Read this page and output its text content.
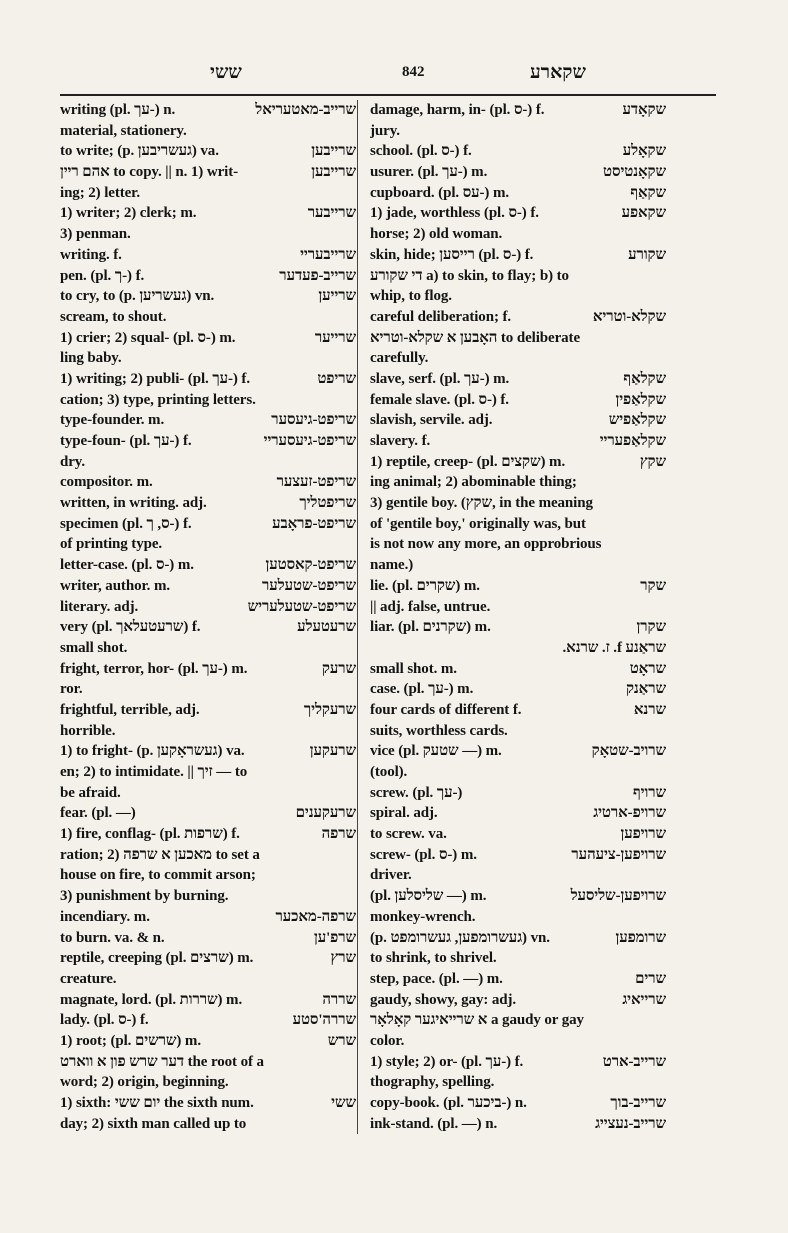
ששי	842	שקארע
שרייב-מאטעריאל
writing (pl. עך-) n.
material, stationery.
שרייבען
to write; (p. געשריבען) va.
שרייבען
אהם ריין to copy. || n. 1) writ-
ing; 2) letter.
שרייבער
1) writer; 2) clerk; m.
3) penman.
שרייבעריי
writing. f.
שרייב-פעדער
pen. (pl. ך-) f.
שרייען
to cry, to (p. געשריען) vn.
scream, to shout.
שרייער
1) crier; 2) squal- (pl. ס-) m.
ling baby.
שריפט
1) writing; 2) publi- (pl. עך-) f.
cation; 3) type, printing letters.
שריפט-גיעסער
type-founder. m.
שריפט-גיעסעריי
type-foun- (pl. עך-) f.
dry.
שריפט-זעצער
compositor. m.
שריפטליך
written, in writing. adj.
שריפט-פראָבע
specimen (pl. ס, ך-) f.
of printing type.
שריפט-קאסטען
letter-case. (pl. ס-) m.
שריפט-שטעלער
writer, author. m.
שריפט-שטעלעריש
literary. adj.
שרעטעלע
very (pl. שרעטעלאך) f.
small shot.
שרעק
fright, terror, hor- (pl. עך-) m.
ror.
שרעקליך
frightful, terrible, adj.
horrible.
שרעקען
1) to fright- (p. געשראָקען) va.
en; 2) to intimidate. || זיך — to
be afraid.
שרעקענים
fear. (pl. —)
שרפה
1) fire, conflag- (pl. שרפות) f.
ration; 2) מאכען א שרפה to set a
house on fire, to commit arson;
3) punishment by burning.
שרפה-מאכער
incendiary. m.
שרפ'ען
to burn. va. & n.
שרץ
reptile, creeping (pl. שרצים) m.
creature.
שררה
magnate, lord. (pl. שררות) m.
שררה'סטע
lady. (pl. ס-) f.
שרש
1) root; (pl. שרשים) m.
דער שרש פון א ווארט the root of a
word; 2) origin, beginning.
ששי
1) sixth: יום ששי the sixth num.
day; 2) sixth man called up to
שקאָדע
damage, harm, in- (pl. ס-) f.
jury.
שקאָלע
school. (pl. ס-) f.
שקאָנטיסט
usurer. (pl. עך-) m.
שקאַף
cupboard. (pl. עס-) m.
שקאפע
1) jade, worthless (pl. ס-) f.
horse; 2) old woman.
שקורע
skin, hide; רייסען (pl. ס-) f.
די שקורע a) to skin, to flay; b) to
whip, to flog.
שקלא-וטריא
careful deliberation; f.
האָבען א שקלא-וטריא to deliberate
carefully.
שקלאַף
slave, serf. (pl. עך-) m.
שקלאַפין
female slave. (pl. ס-) f.
שקלאַפיש
slavish, servile. adj.
שקלאַפעריי
slavery. f.
שקץ
1) reptile, creep- (pl. שקצים) m.
ing animal; 2) abominable thing;
3) gentile boy. (שקץ, in the meaning
of 'gentile boy,' originally was, but
is not now any more, an opprobrious
name.)
שקר
lie. (pl. שקרים) m.
|| adj. false, untrue.
שקרן
liar. (pl. שקרנים) m.
שראַנע f. ז. שרנא.
שראָט
small shot. m.
שראַנק
case. (pl. עך-) m.
שרנא
four cards of different f.
suits, worthless cards.
שרויב-שטאָק
vice (pl. שטעק —) m.
(tool).
שרויף
screw. (pl. עך-)
שרויפ-ארטיג
spiral. adj.
שרויפען
to screw. va.
שרויפען-ציעהער
screw- (pl. ס-) m.
driver.
שרויפען-שליסעל
(pl. שליסלען —) m.
monkey-wrench.
שרומפען
(p. געשרומפען, געשרומפט) vn.
to shrink, to shrivel.
שרים
step, pace. (pl. —) m.
שרייאיג
gaudy, showy, gay: adj.
א שרייאיגער קאָלאָר a gaudy or gay
color.
שרייב-ארט
1) style; 2) or- (pl. עך-) f.
thography, spelling.
שרייב-בוך
copy-book. (pl. ביכער-) n.
שרייב-נעצייג
ink-stand. (pl. —) n.
